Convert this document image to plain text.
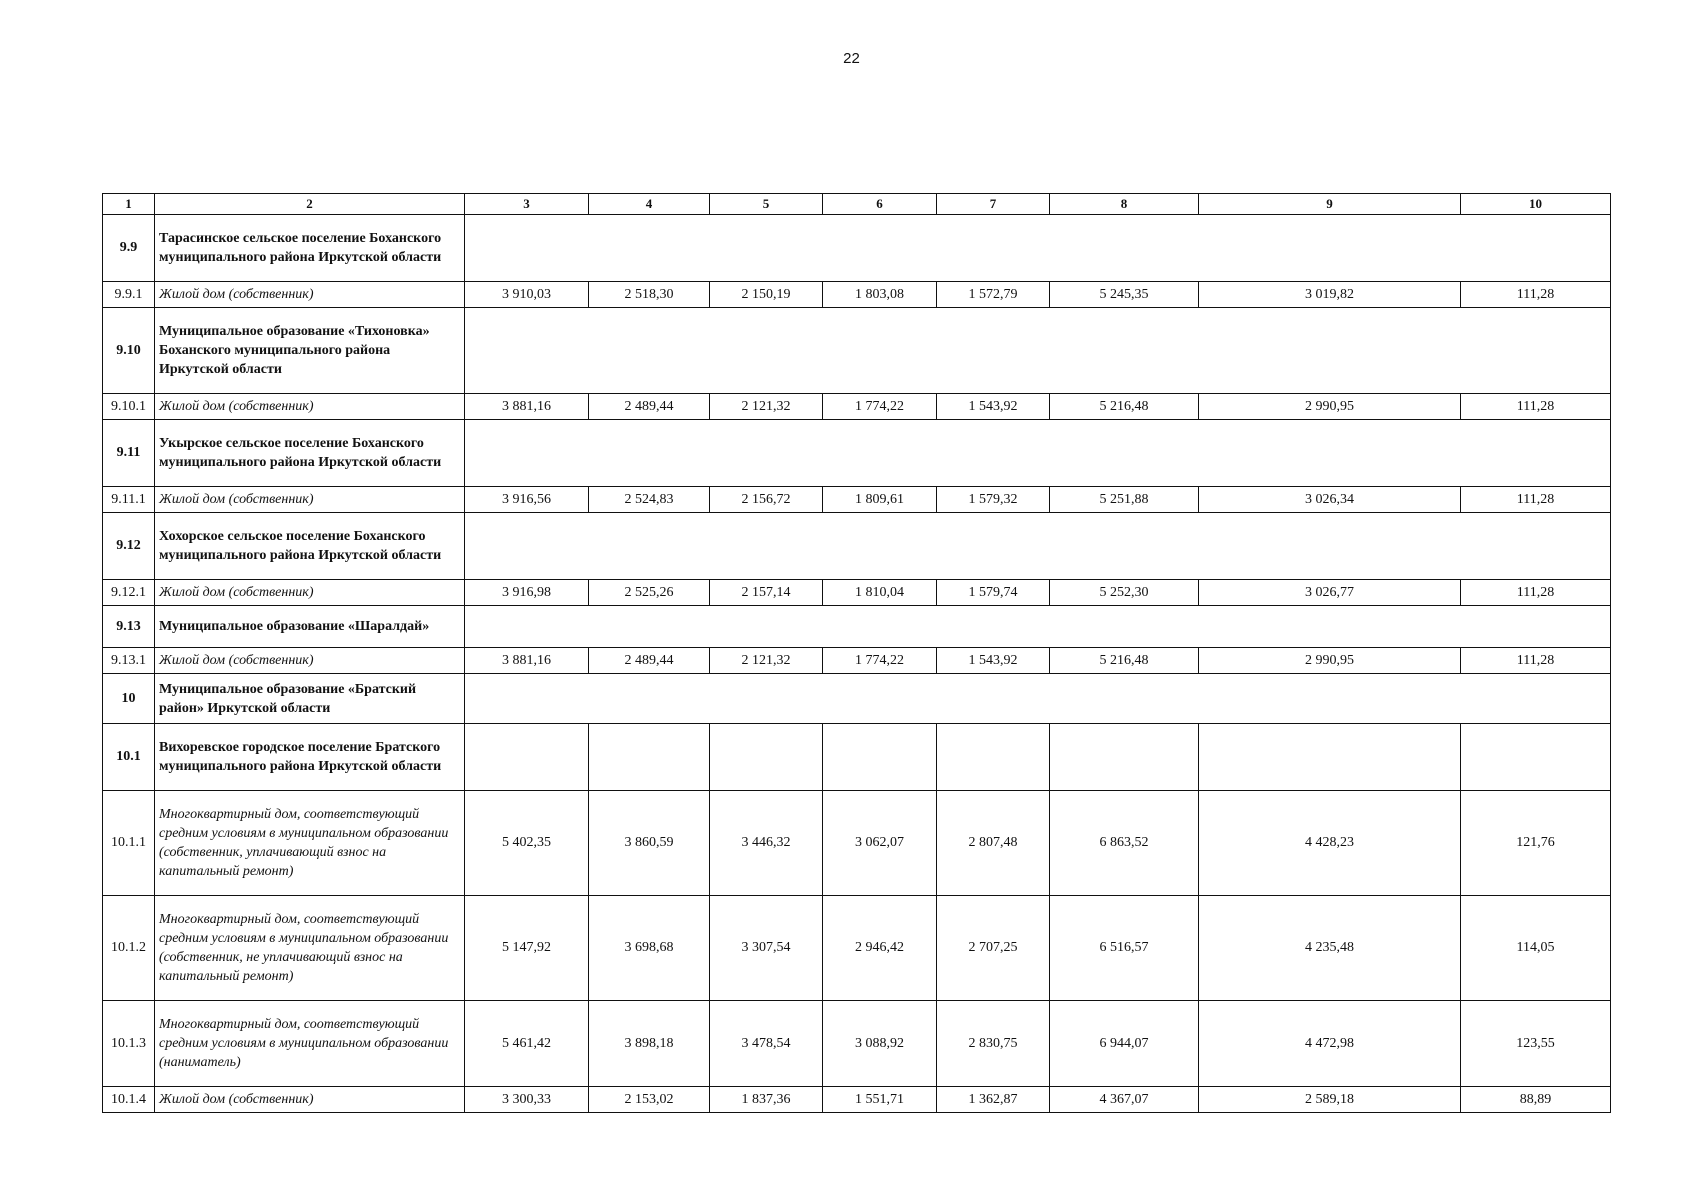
22
1	2	3	4	5	6	7	8	9	10
9.9	Тарасинское сельское поселение Боханского муниципального района Иркутской области								
9.9.1	Жилой дом (собственник)	3 910,03	2 518,30	2 150,19	1 803,08	1 572,79	5 245,35	3 019,82	111,28
9.10	Муниципальное образование «Тихоновка» Боханского муниципального района Иркутской области								
9.10.1	Жилой дом (собственник)	3 881,16	2 489,44	2 121,32	1 774,22	1 543,92	5 216,48	2 990,95	111,28
9.11	Укырское сельское поселение Боханского муниципального района Иркутской области								
9.11.1	Жилой дом (собственник)	3 916,56	2 524,83	2 156,72	1 809,61	1 579,32	5 251,88	3 026,34	111,28
9.12	Хохорское сельское поселение Боханского муниципального района Иркутской области								
9.12.1	Жилой дом (собственник)	3 916,98	2 525,26	2 157,14	1 810,04	1 579,74	5 252,30	3 026,77	111,28
9.13	Муниципальное образование «Шаралдай»								
9.13.1	Жилой дом (собственник)	3 881,16	2 489,44	2 121,32	1 774,22	1 543,92	5 216,48	2 990,95	111,28
10	Муниципальное образование «Братский район» Иркутской области								
10.1	Вихоревское городское поселение Братского муниципального района Иркутской области								
10.1.1	Многоквартирный дом, соответствующий средним условиям в муниципальном образовании (собственник, уплачивающий взнос на капитальный ремонт)	5 402,35	3 860,59	3 446,32	3 062,07	2 807,48	6 863,52	4 428,23	121,76
10.1.2	Многоквартирный дом, соответствующий средним условиям в муниципальном образовании (собственник, не уплачивающий взнос на капитальный ремонт)	5 147,92	3 698,68	3 307,54	2 946,42	2 707,25	6 516,57	4 235,48	114,05
10.1.3	Многоквартирный дом, соответствующий средним условиям в муниципальном образовании (наниматель)	5 461,42	3 898,18	3 478,54	3 088,92	2 830,75	6 944,07	4 472,98	123,55
10.1.4	Жилой дом (собственник)	3 300,33	2 153,02	1 837,36	1 551,71	1 362,87	4 367,07	2 589,18	88,89
